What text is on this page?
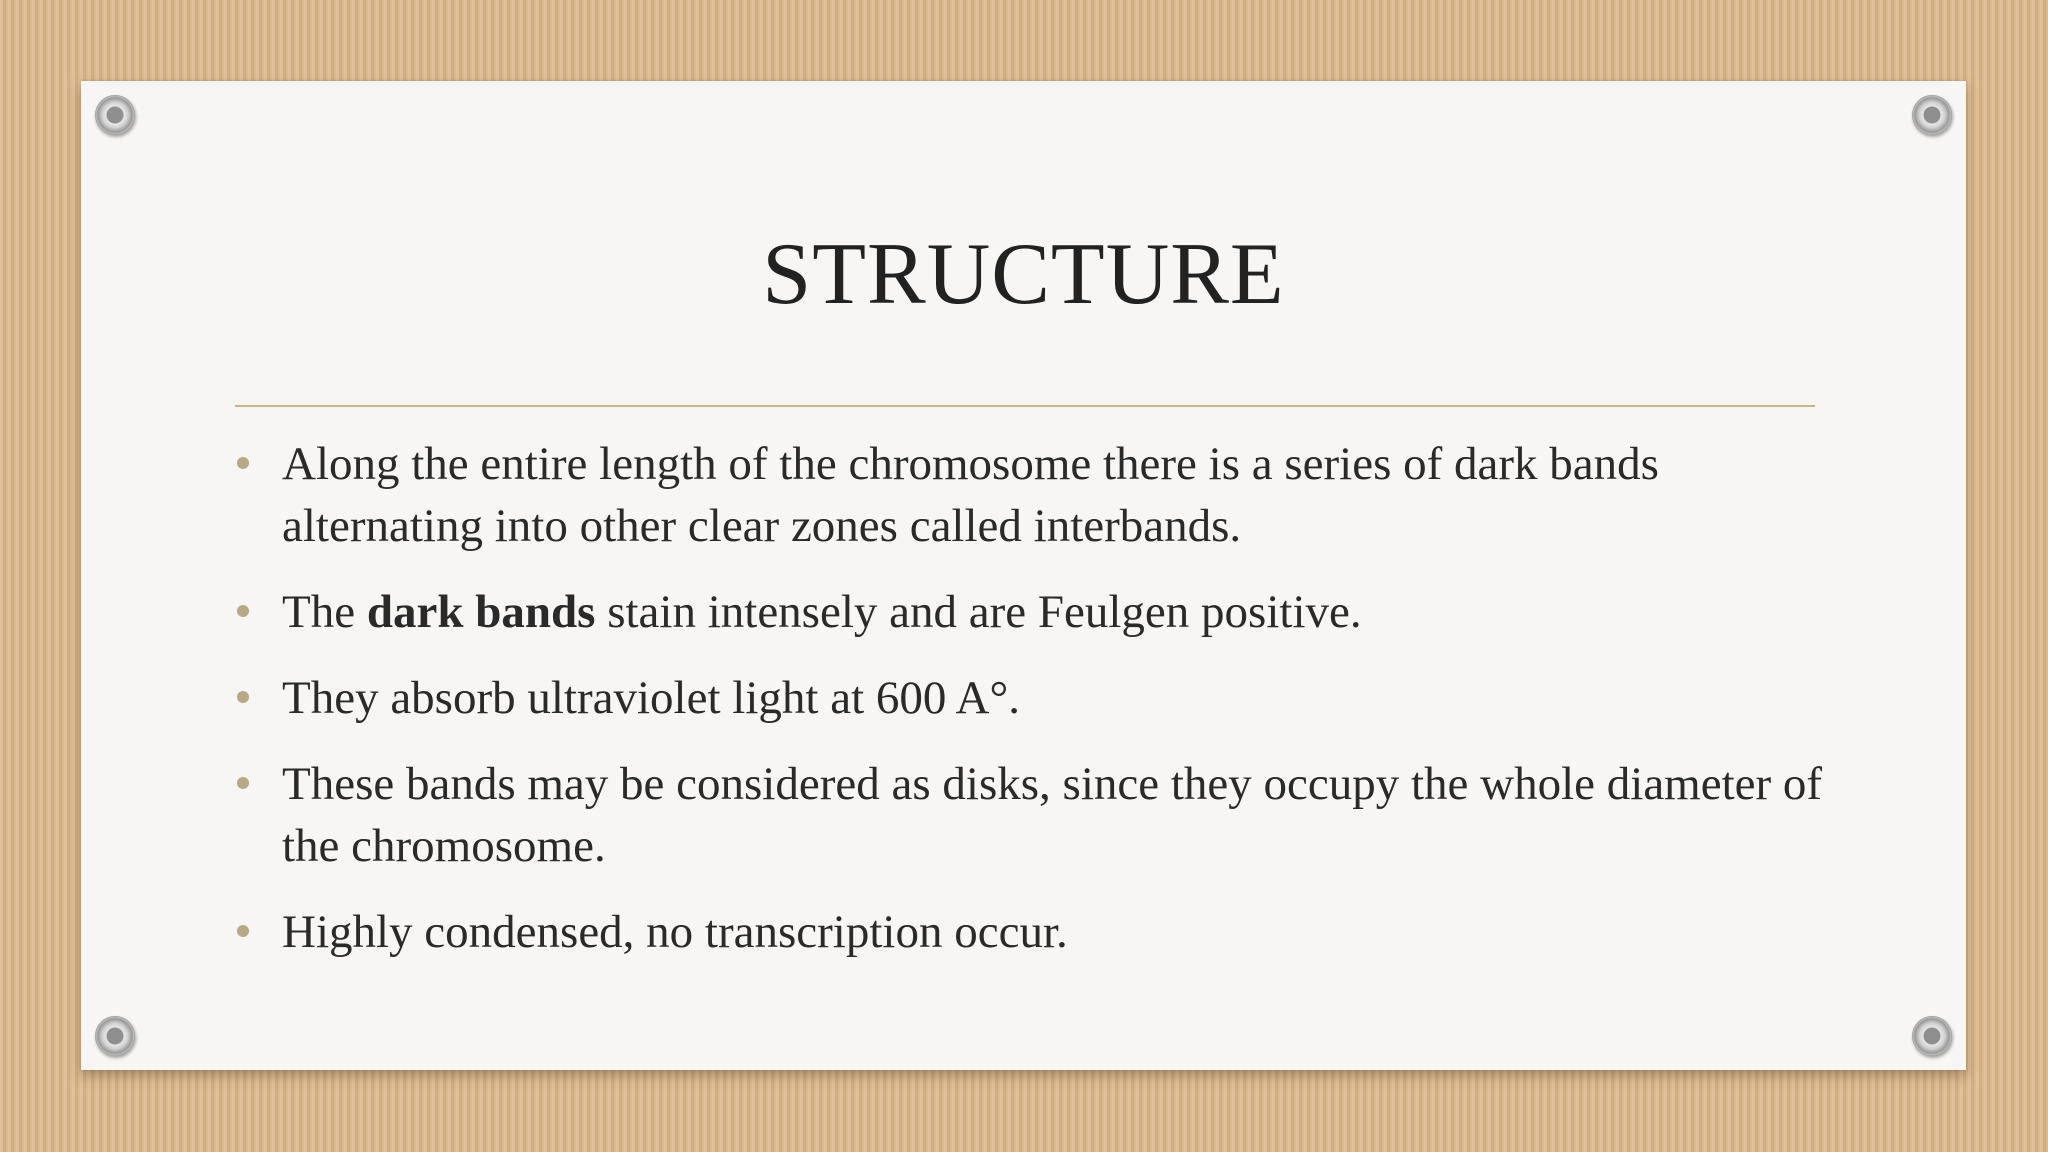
STRUCTURE
Along the entire length of the chromosome there is a series of dark bands alternating into other clear zones called interbands.
The dark bands stain intensely and are Feulgen positive.
They absorb ultraviolet light at 600 A°.
These bands may be considered as disks, since they occupy the whole diameter of the chromosome.
Highly condensed, no transcription occur.
